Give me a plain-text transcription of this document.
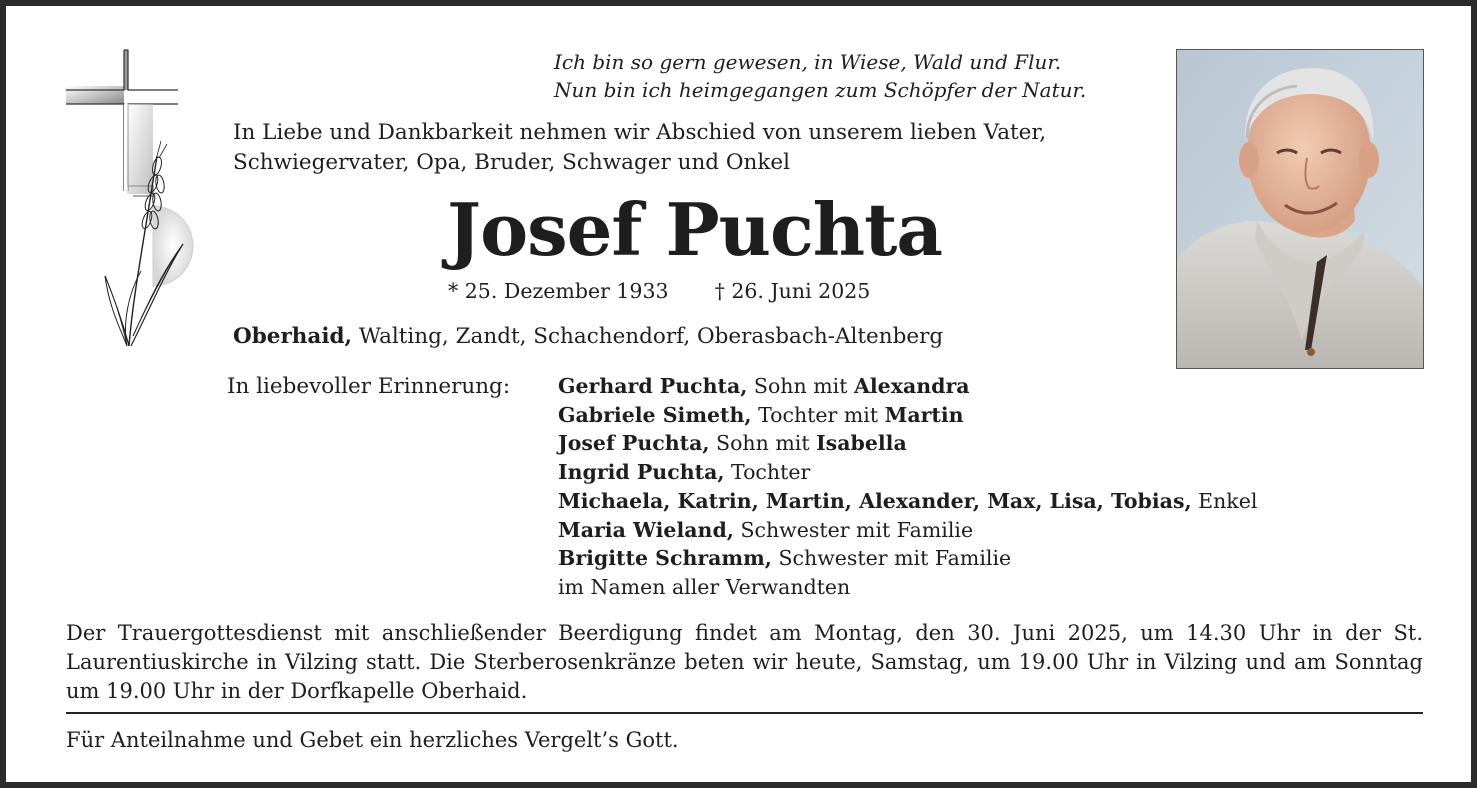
Ich bin so gern gewesen, in Wiese, Wald und Flur.
Nun bin ich heimgegangen zum Schöpfer der Natur.
In Liebe und Dankbarkeit nehmen wir Abschied von unserem lieben Vater,
Schwiegervater, Opa, Bruder, Schwager und Onkel
Josef Puchta
* 25. Dezember 1933 † 26. Juni 2025
Oberhaid, Walting, Zandt, Schachendorf, Oberasbach-Altenberg
In liebevoller Erinnerung: Gerhard Puchta, Sohn mit Alexandra
Gabriele Simeth, Tochter mit Martin
Josef Puchta, Sohn mit Isabella
Ingrid Puchta, Tochter
Michaela, Katrin, Martin, Alexander, Max, Lisa, Tobias, Enkel
Maria Wieland, Schwester mit Familie
Brigitte Schramm, Schwester mit Familie
im Namen aller Verwandten
Der Trauergottesdienst mit anschließender Beerdigung findet am Montag, den 30. Juni 2025, um 14.30 Uhr in der St. Laurentiuskirche in Vilzing statt. Die Sterberosenkränze beten wir heute, Samstag, um 19.00 Uhr in Vilzing und am Sonntag um 19.00 Uhr in der Dorfkapelle Oberhaid.
Für Anteilnahme und Gebet ein herzliches Vergelt’s Gott.
